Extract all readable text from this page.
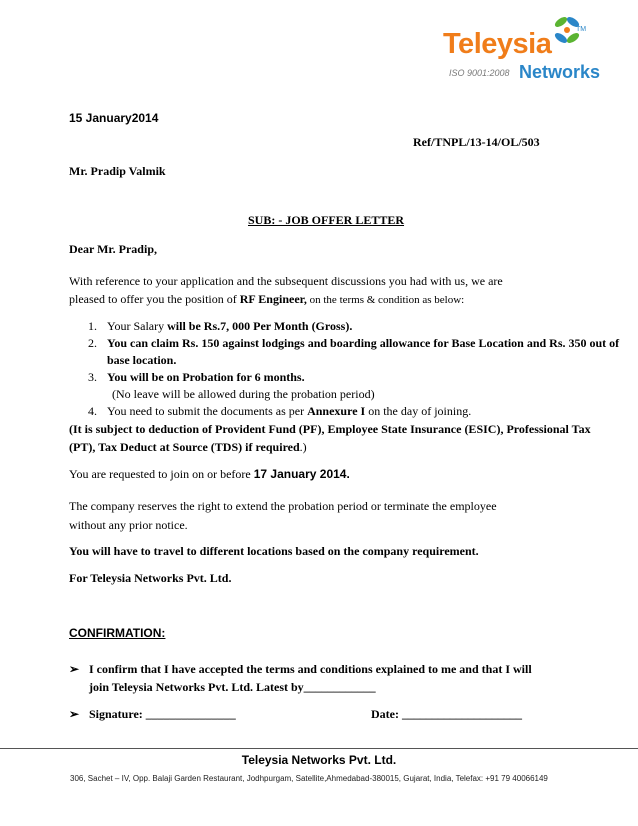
Teleysia	TM
ISO 9001:2008 Networks
15 January2014
Ref/TNPL/13-14/OL/503
Mr. Pradip Valmik
SUB: - JOB OFFER LETTER
Dear Mr. Pradip,
With reference to your application and the subsequent discussions you had with us, we are
pleased to offer you the position of RF Engineer, on the terms & condition as below:
1. Your Salary will be Rs.7, 000 Per Month (Gross).
2. You can claim Rs. 150 against lodgings and boarding allowance for Base Location and Rs. 350 out of base location.
3. You will be on Probation for 6 months.
(No leave will be allowed during the probation period)
4. You need to submit the documents as per Annexure I on the day of joining.
(It is subject to deduction of Provident Fund (PF), Employee State Insurance (ESIC), Professional Tax (PT), Tax Deduct at Source (TDS) if required.)
You are requested to join on or before 17 January 2014.
The company reserves the right to extend the probation period or terminate the employee
without any prior notice.
You will have to travel to different locations based on the company requirement.
For Teleysia Networks Pvt. Ltd.
CONFIRMATION:
➢ I confirm that I have accepted the terms and conditions explained to me and that I will
join Teleysia Networks Pvt. Ltd. Latest by____________
➢ Signature: _______________	Date: ____________________
Teleysia Networks Pvt. Ltd.
306, Sachet – IV, Opp. Balaji Garden Restaurant, Jodhpurgam, Satellite,Ahmedabad-380015, Gujarat, India, Telefax: +91 79 40066149
